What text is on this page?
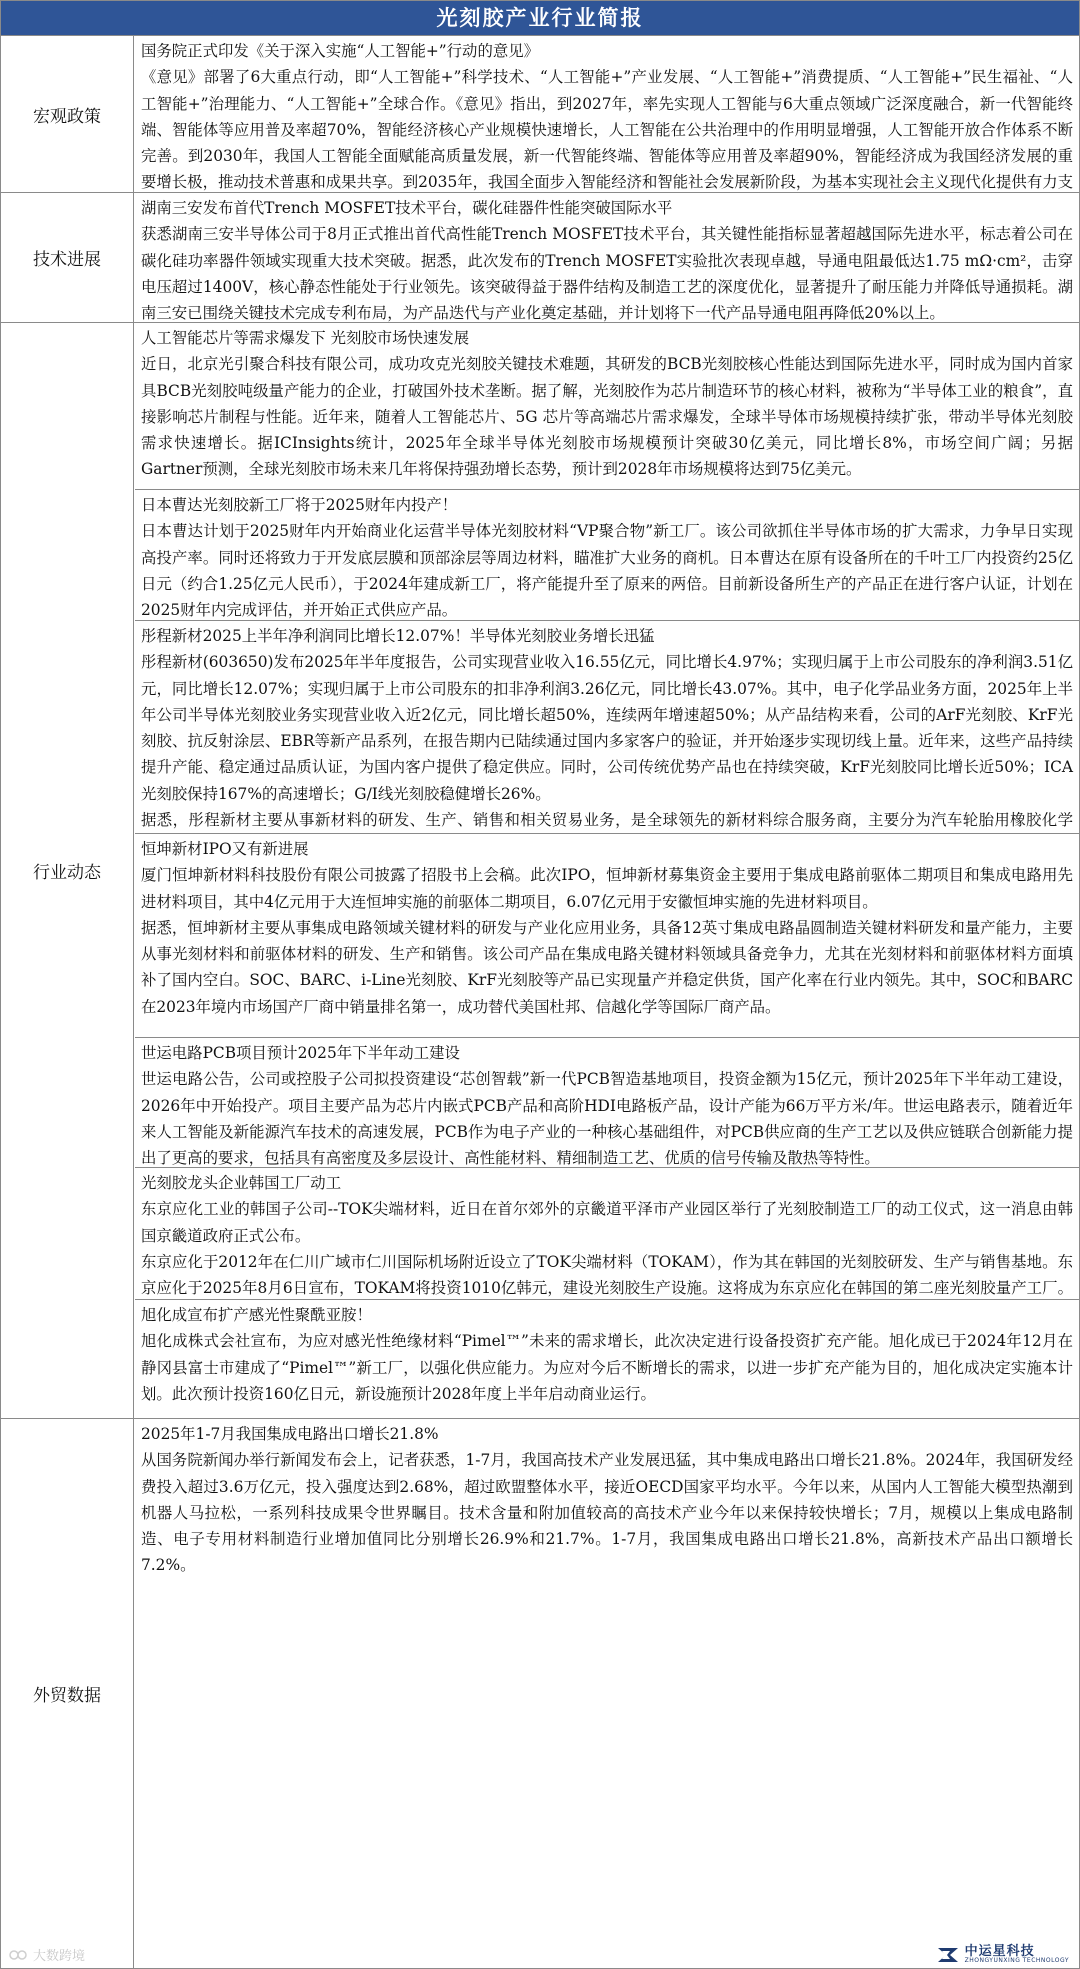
光刻胶产业行业简报
宏观政策
国务院正式印发《关于深入实施“人工智能+”行动的意见》
《意见》部署了6大重点行动，即“人工智能+”科学技术、“人工智能+”产业发展、“人工智能+”消费提质、“人工智能+”民生福祉、“人工智能+”治理能力、“人工智能+”全球合作。《意见》指出，到2027年，率先实现人工智能与6大重点领域广泛深度融合，新一代智能终端、智能体等应用普及率超70%，智能经济核心产业规模快速增长，人工智能在公共治理中的作用明显增强，人工智能开放合作体系不断完善。到2030年，我国人工智能全面赋能高质量发展，新一代智能终端、智能体等应用普及率超90%，智能经济成为我国经济发展的重要增长极，推动技术普惠和成果共享。到2035年，我国全面步入智能经济和智能社会发展新阶段，为基本实现社会主义现代化提供有力支
技术进展
湖南三安发布首代Trench MOSFET技术平台，碳化硅器件性能突破国际水平
获悉湖南三安半导体公司于8月正式推出首代高性能Trench MOSFET技术平台，其关键性能指标显著超越国际先进水平，标志着公司在碳化硅功率器件领域实现重大技术突破。据悉，此次发布的Trench MOSFET实验批次表现卓越，导通电阻最低达1.75 mΩ·cm²，击穿电压超过1400V，核心静态性能处于行业领先。该突破得益于器件结构及制造工艺的深度优化，显著提升了耐压能力并降低导通损耗。湖南三安已围绕关键技术完成专利布局，为产品迭代与产业化奠定基础，并计划将下一代产品导通电阻再降低20%以上。
行业动态
人工智能芯片等需求爆发下 光刻胶市场快速发展
近日，北京光引聚合科技有限公司，成功攻克光刻胶关键技术难题，其研发的BCB光刻胶核心性能达到国际先进水平，同时成为国内首家具BCB光刻胶吨级量产能力的企业，打破国外技术垄断。据了解，光刻胶作为芯片制造环节的核心材料，被称为“半导体工业的粮食”，直接影响芯片制程与性能。近年来，随着人工智能芯片、5G 芯片等高端芯片需求爆发，全球半导体市场规模持续扩张，带动半导体光刻胶需求快速增长。据ICInsights统计，2025年全球半导体光刻胶市场规模预计突破30亿美元，同比增长8%，市场空间广阔；另据Gartner预测，全球光刻胶市场未来几年将保持强劲增长态势，预计到2028年市场规模将达到75亿美元。
日本曹达光刻胶新工厂将于2025财年内投产！
日本曹达计划于2025财年内开始商业化运营半导体光刻胶材料“VP聚合物”新工厂。该公司欲抓住半导体市场的扩大需求，力争早日实现高投产率。同时还将致力于开发底层膜和顶部涂层等周边材料，瞄准扩大业务的商机。日本曹达在原有设备所在的千叶工厂内投资约25亿日元（约合1.25亿元人民币），于2024年建成新工厂，将产能提升至了原来的两倍。目前新设备所生产的产品正在进行客户认证，计划在2025财年内完成评估，并开始正式供应产品。
彤程新材2025上半年净利润同比增长12.07%！半导体光刻胶业务增长迅猛
彤程新材(603650)发布2025年半年度报告，公司实现营业收入16.55亿元，同比增长4.97%；实现归属于上市公司股东的净利润3.51亿元，同比增长12.07%；实现归属于上市公司股东的扣非净利润3.26亿元，同比增长43.07%。其中，电子化学品业务方面，2025年上半年公司半导体光刻胶业务实现营业收入近2亿元，同比增长超50%，连续两年增速超50%；从产品结构来看，公司的ArF光刻胶、KrF光刻胶、抗反射涂层、EBR等新产品系列，在报告期内已陆续通过国内多家客户的验证，并开始逐步实现切线上量。近年来，这些产品持续提升产能、稳定通过品质认证，为国内客户提供了稳定供应。同时，公司传统优势产品也在持续突破，KrF光刻胶同比增长近50%；ICA光刻胶保持167%的高速增长；G/I线光刻胶稳健增长26%。
据悉，彤程新材主要从事新材料的研发、生产、销售和相关贸易业务，是全球领先的新材料综合服务商，主要分为汽车轮胎用橡胶化学
恒坤新材IPO又有新进展
厦门恒坤新材料科技股份有限公司披露了招股书上会稿。此次IPO，恒坤新材募集资金主要用于集成电路前驱体二期项目和集成电路用先进材料项目，其中4亿元用于大连恒坤实施的前驱体二期项目，6.07亿元用于安徽恒坤实施的先进材料项目。
据悉，恒坤新材主要从事集成电路领域关键材料的研发与产业化应用业务，具备12英寸集成电路晶圆制造关键材料研发和量产能力，主要从事光刻材料和前驱体材料的研发、生产和销售。该公司产品在集成电路关键材料领域具备竞争力，尤其在光刻材料和前驱体材料方面填补了国内空白。SOC、BARC、i-Line光刻胶、KrF光刻胶等产品已实现量产并稳定供货，国产化率在行业内领先。其中，SOC和BARC在2023年境内市场国产厂商中销量排名第一，成功替代美国杜邦、信越化学等国际厂商产品。
世运电路PCB项目预计2025年下半年动工建设
世运电路公告，公司或控股子公司拟投资建设“芯创智载”新一代PCB智造基地项目，投资金额为15亿元，预计2025年下半年动工建设，2026年中开始投产。项目主要产品为芯片内嵌式PCB产品和高阶HDI电路板产品，设计产能为66万平方米/年。世运电路表示，随着近年来人工智能及新能源汽车技术的高速发展，PCB作为电子产业的一种核心基础组件，对PCB供应商的生产工艺以及供应链联合创新能力提出了更高的要求，包括具有高密度及多层设计、高性能材料、精细制造工艺、优质的信号传输及散热等特性。
光刻胶龙头企业韩国工厂动工
东京应化工业的韩国子公司--TOK尖端材料，近日在首尔郊外的京畿道平泽市产业园区举行了光刻胶制造工厂的动工仪式，这一消息由韩国京畿道政府正式公布。
东京应化于2012年在仁川广域市仁川国际机场附近设立了TOK尖端材料（TOKAM），作为其在韩国的光刻胶研发、生产与销售基地。东京应化于2025年8月6日宣布，TOKAM将投资1010亿韩元，建设光刻胶生产设施。这将成为东京应化在韩国的第二座光刻胶量产工厂。
旭化成宣布扩产感光性聚酰亚胺！
旭化成株式会社宣布，为应对感光性绝缘材料“Pimel™”未来的需求增长，此次决定进行设备投资扩充产能。旭化成已于2024年12月在静冈县富士市建成了“Pimel™”新工厂，以强化供应能力。为应对今后不断增长的需求，以进一步扩充产能为目的，旭化成决定实施本计划。此次预计投资160亿日元，新设施预计2028年度上半年启动商业运行。
外贸数据
2025年1-7月我国集成电路出口增长21.8%
从国务院新闻办举行新闻发布会上，记者获悉，1-7月，我国高技术产业发展迅猛，其中集成电路出口增长21.8%。2024年，我国研发经费投入超过3.6万亿元，投入强度达到2.68%，超过欧盟整体水平，接近OECD国家平均水平。今年以来，从国内人工智能大模型热潮到机器人马拉松，一系列科技成果令世界瞩目。技术含量和附加值较高的高技术产业今年以来保持较快增长；7月，规模以上集成电路制造、电子专用材料制造行业增加值同比分别增长26.9%和21.7%。1-7月，我国集成电路出口增长21.8%，高新技术产品出口额增长7.2%。
大数跨境	中运星科技
ZHONGYUNXING TECHNOLOGY
